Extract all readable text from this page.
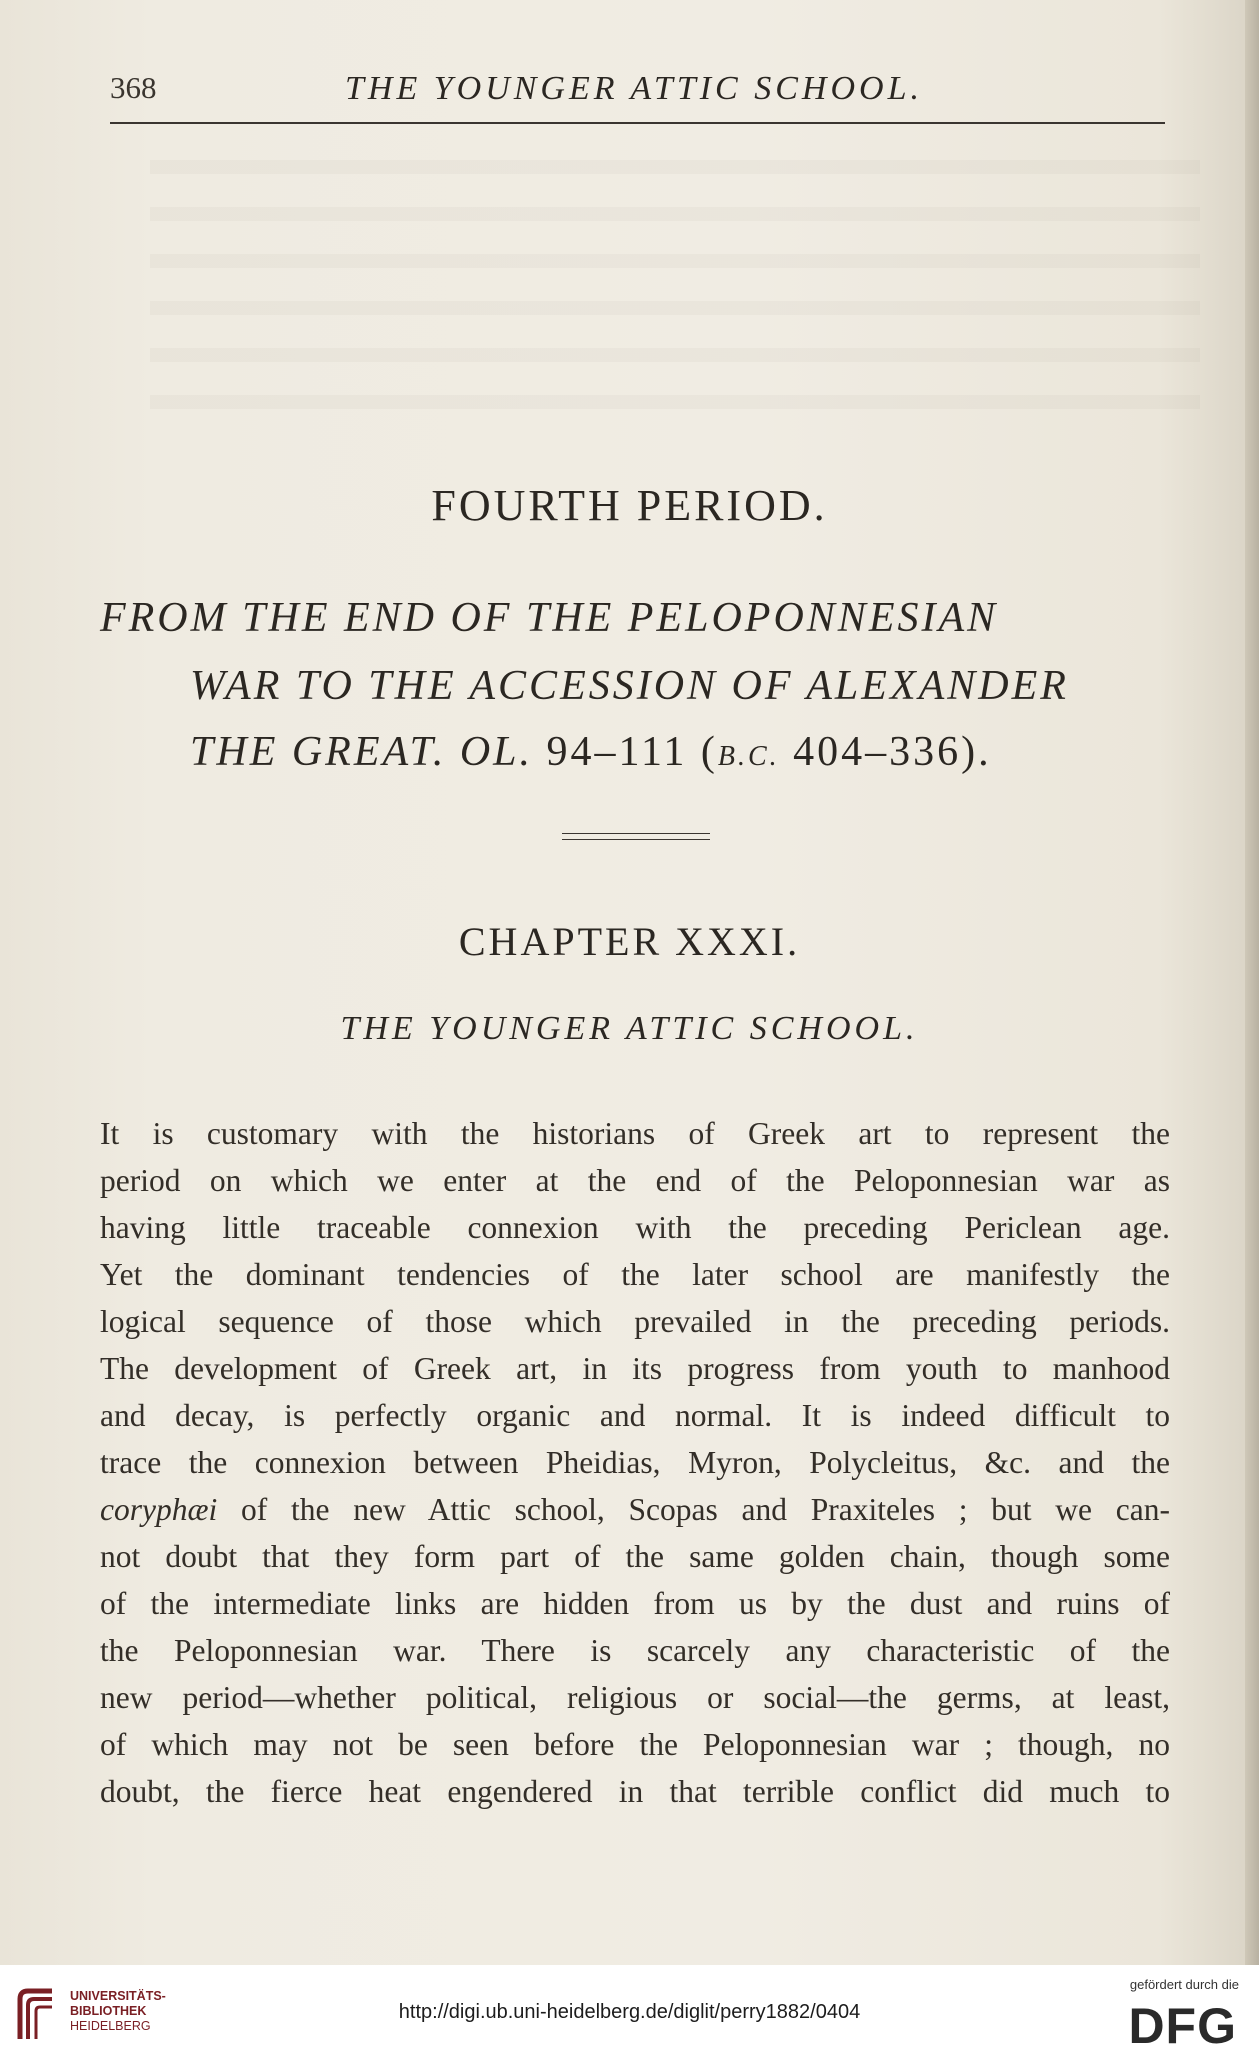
368	THE YOUNGER ATTIC SCHOOL.
FOURTH PERIOD.
FROM THE END OF THE PELOPONNESIAN
WAR TO THE ACCESSION OF ALEXANDER
THE GREAT. OL. 94–111 (B.C. 404–336).
CHAPTER XXXI.
THE YOUNGER ATTIC SCHOOL.
It is customary with the historians of Greek art to represent the
period on which we enter at the end of the Peloponnesian war as
having little traceable connexion with the preceding Periclean age.
Yet the dominant tendencies of the later school are manifestly the
logical sequence of those which prevailed in the preceding periods.
The development of Greek art, in its progress from youth to manhood
and decay, is perfectly organic and normal. It is indeed difficult to
trace the connexion between Pheidias, Myron, Polycleitus, &c. and the
coryphæi of the new Attic school, Scopas and Praxiteles ; but we can-
not doubt that they form part of the same golden chain, though some
of the intermediate links are hidden from us by the dust and ruins of
the Peloponnesian war. There is scarcely any characteristic of the
new period—whether political, religious or social—the germs, at least,
of which may not be seen before the Peloponnesian war ; though, no
doubt, the fierce heat engendered in that terrible conflict did much to
UNIVERSITÄTS-
BIBLIOTHEK
HEIDELBERG
http://digi.ub.uni-heidelberg.de/diglit/perry1882/0404
gefördert durch die
DFG
